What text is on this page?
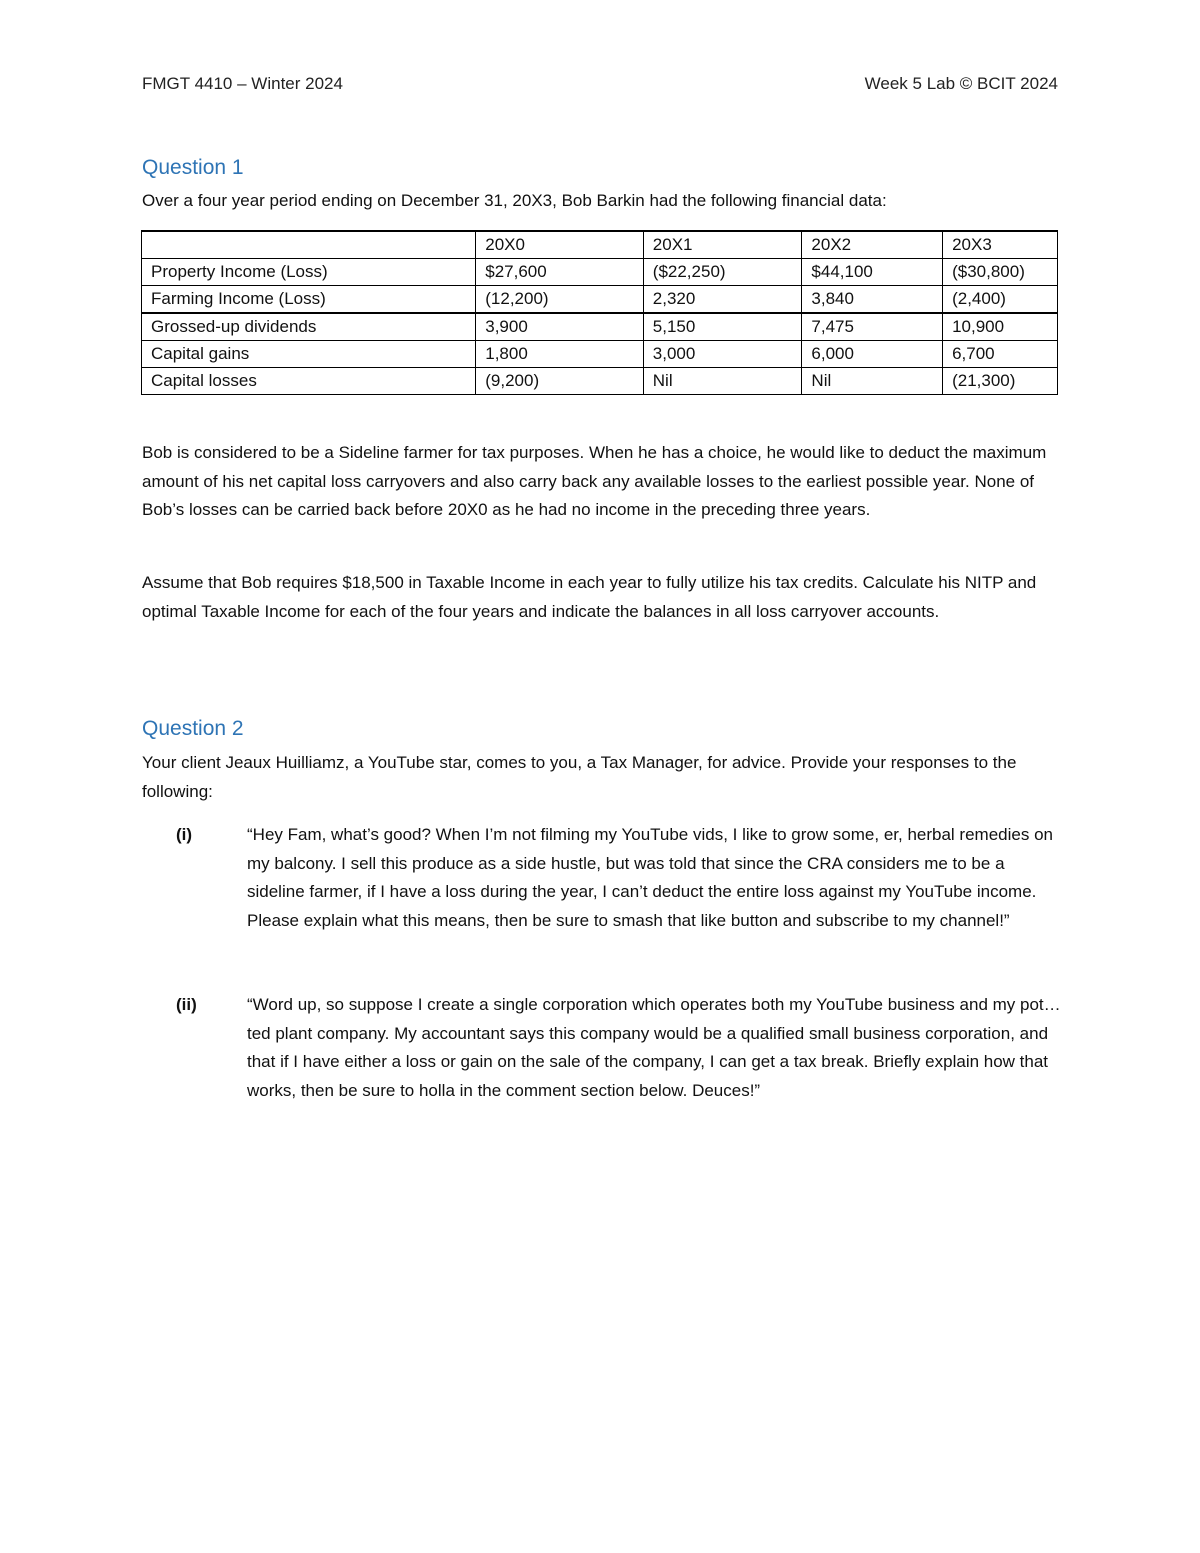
FMGT 4410 – Winter 2024	Week 5 Lab © BCIT 2024
Question 1

Over a four year period ending on December 31, 20X3, Bob Barkin had the following financial data:

	20X0	20X1	20X2	20X3
Property Income (Loss)	$27,600	($22,250)	$44,100	($30,800)
Farming Income (Loss)	(12,200)	2,320	3,840	(2,400)
Grossed-up dividends	3,900	5,150	7,475	10,900
Capital gains	1,800	3,000	6,000	6,700
Capital losses	(9,200)	Nil	Nil	(21,300)

Bob is considered to be a Sideline farmer for tax purposes. When he has a choice, he would like to deduct the maximum amount of his net capital loss carryovers and also carry back any available losses to the earliest possible year. None of Bob’s losses can be carried back before 20X0 as he had no income in the preceding three years.

Assume that Bob requires $18,500 in Taxable Income in each year to fully utilize his tax credits. Calculate his NITP and optimal Taxable Income for each of the four years and indicate the balances in all loss carryover accounts.

Question 2

Your client Jeaux Huilliamz, a YouTube star, comes to you, a Tax Manager, for advice. Provide your responses to the following:

(i)	“Hey Fam, what’s good? When I’m not filming my YouTube vids, I like to grow some, er, herbal remedies on my balcony. I sell this produce as a side hustle, but was told that since the CRA considers me to be a sideline farmer, if I have a loss during the year, I can’t deduct the entire loss against my YouTube income. Please explain what this means, then be sure to smash that like button and subscribe to my channel!”
(ii)	“Word up, so suppose I create a single corporation which operates both my YouTube business and my pot…ted plant company. My accountant says this company would be a qualified small business corporation, and that if I have either a loss or gain on the sale of the company, I can get a tax break. Briefly explain how that works, then be sure to holla in the comment section below. Deuces!”
